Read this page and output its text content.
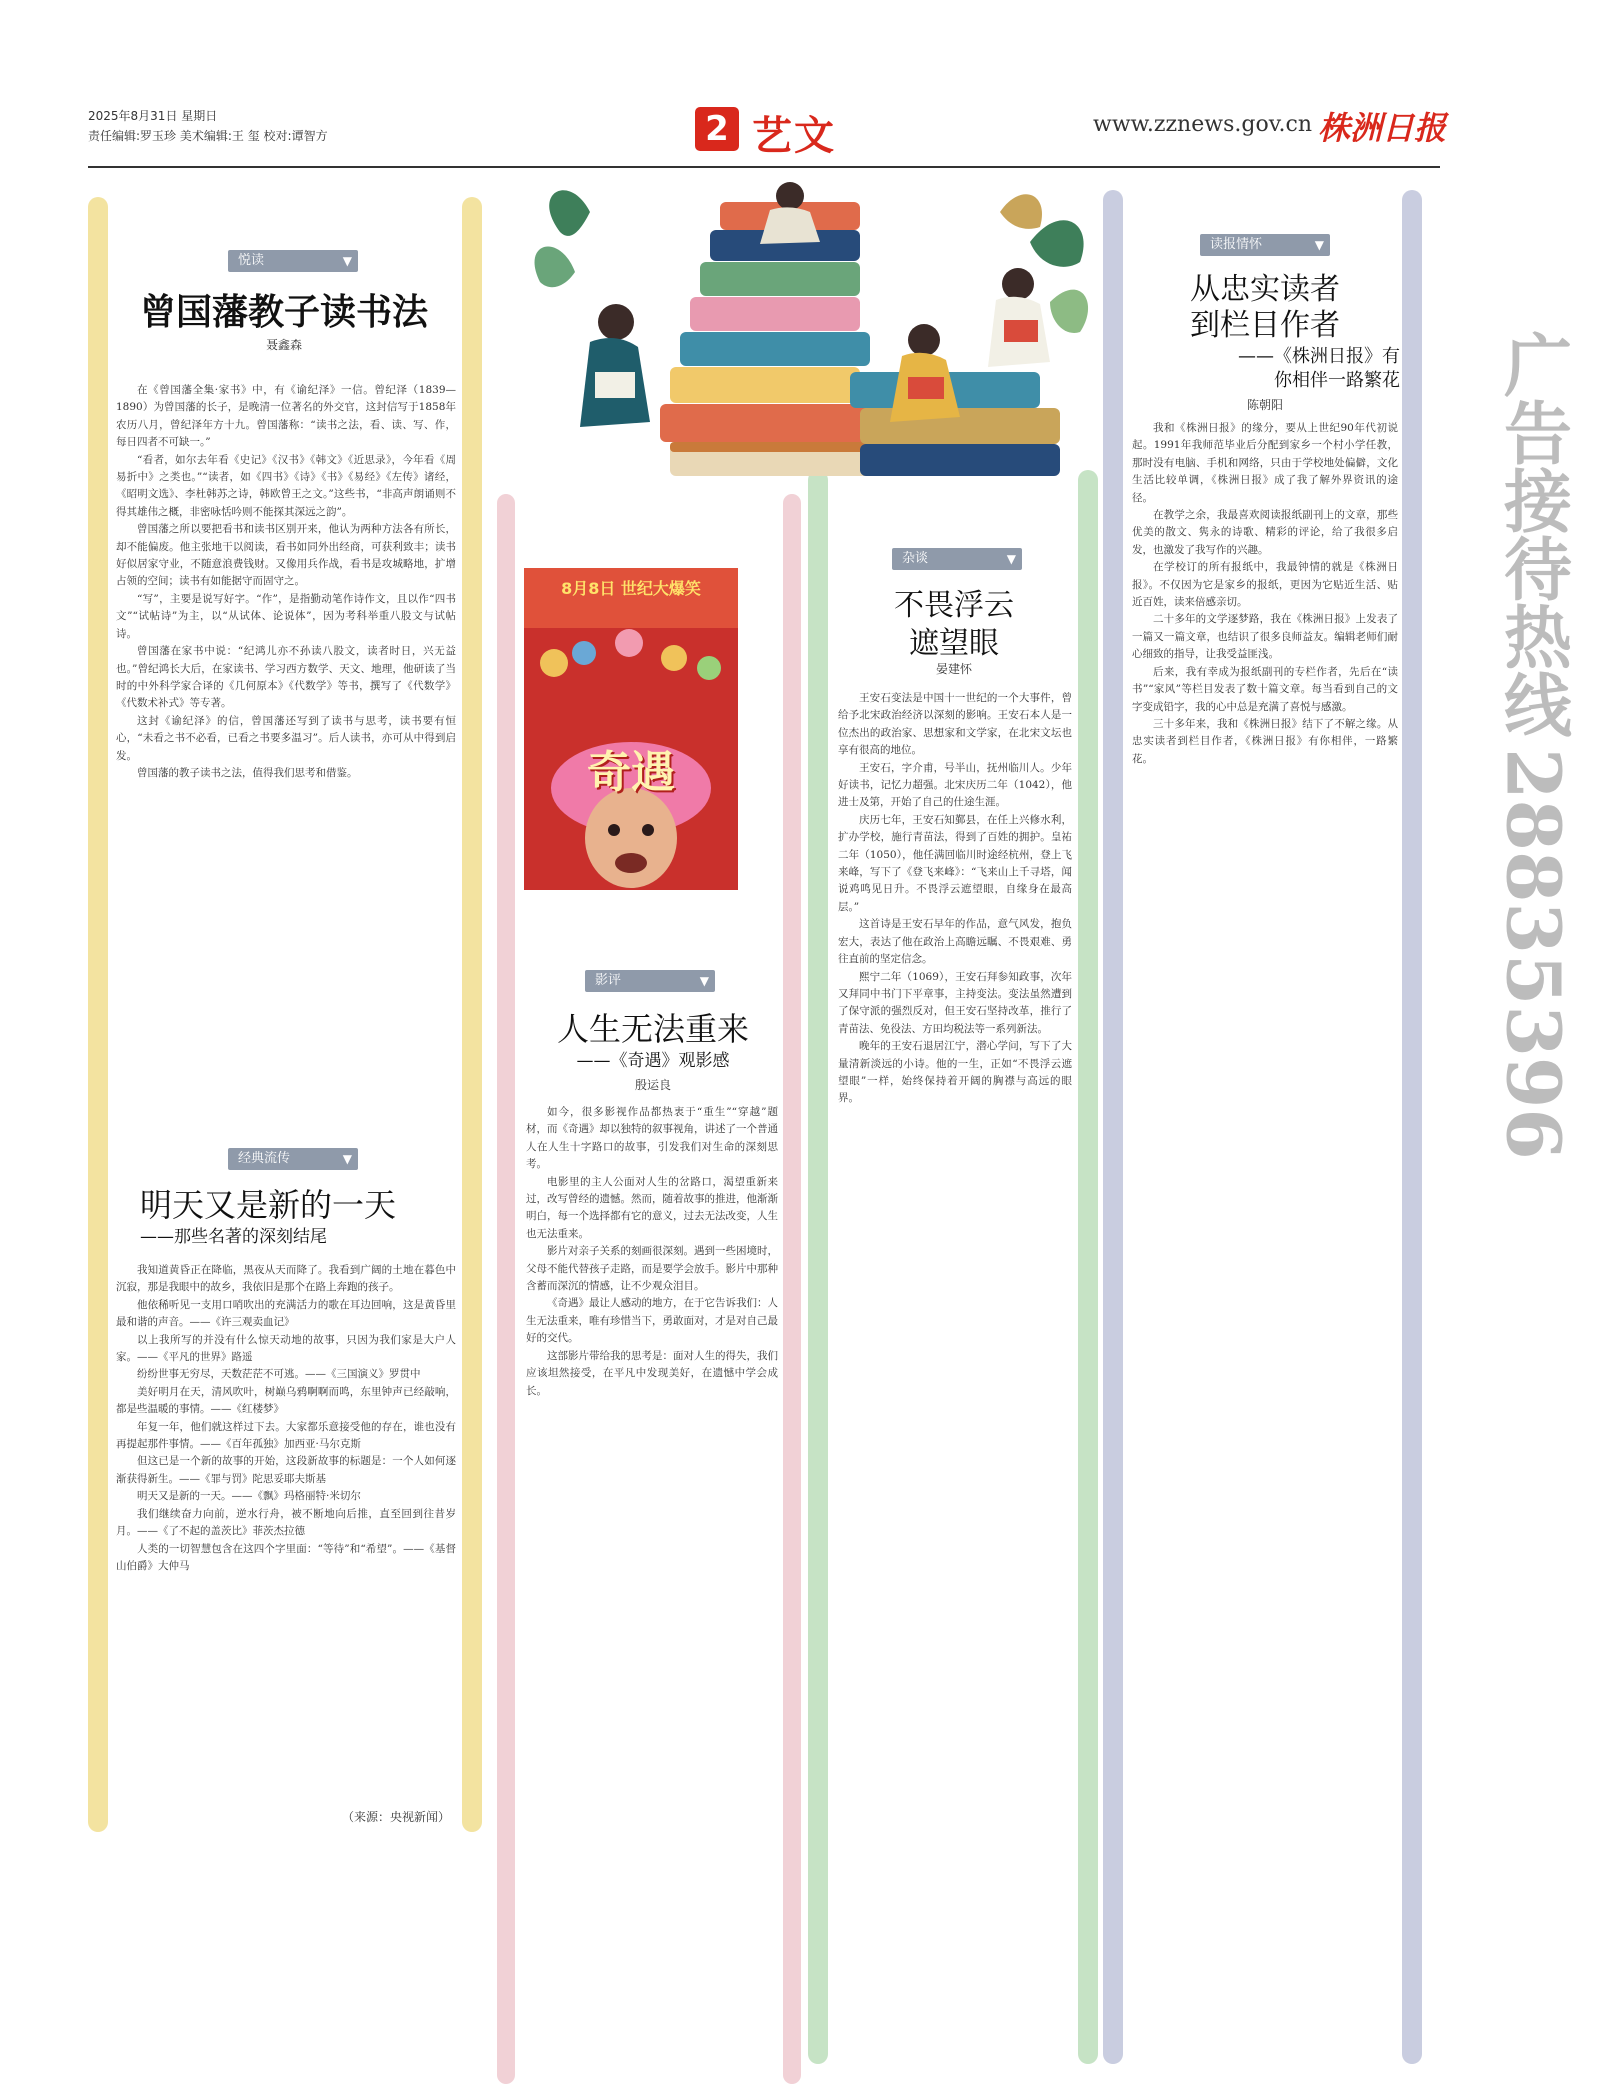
2025年8月31日 星期日
责任编辑:罗玉珍 美术编辑:王 玺 校对:谭智方	2 艺文	www.zznews.gov.cn 株洲日报
悦读 ▼
曾国藩教子读书法
聂鑫森

在《曾国藩全集·家书》中，有《谕纪泽》一信。曾纪泽（1839—1890）为曾国藩的长子，是晚清一位著名的外交官，这封信写于1858年农历八月，曾纪泽年方十九。曾国藩称：“读书之法，看、读、写、作，每日四者不可缺一。”

“看者，如尔去年看《史记》《汉书》《韩文》《近思录》，今年看《周易折中》之类也。”“读者，如《四书》《诗》《书》《易经》《左传》诸经，《昭明文选》、李杜韩苏之诗，韩欧曾王之文。”这些书，“非高声朗诵则不得其雄伟之概，非密咏恬吟则不能探其深远之韵”。

曾国藩之所以要把看书和读书区别开来，他认为两种方法各有所长，却不能偏废。他主张地干以阅读，看书如同外出经商，可获利致丰；读书好似居家守业，不随意浪费钱财。又像用兵作战，看书是攻城略地，扩增占领的空间；读书有如能据守而固守之。

“写”，主要是说写好字。“作”，是指勤动笔作诗作文，且以作“四书文”“试帖诗”为主，以“从试体、论说体”，因为考科举重八股文与试帖诗。

曾国藩在家书中说：“纪鸿儿亦不孙读八股文，读者时日，兴无益也。”曾纪鸿长大后，在家读书、学习西方数学、天文、地理，他研读了当时的中外科学家合译的《几何原本》《代数学》等书，撰写了《代数学》《代数术补式》等专著。

这封《谕纪泽》的信，曾国藩还写到了读书与思考，读书要有恒心，“未看之书不必看，已看之书要多温习”。后人读书，亦可从中得到启发。

曾国藩的教子读书之法，值得我们思考和借鉴。

经典流传 ▼
明天又是新的一天
——那些名著的深刻结尾

我知道黄昏正在降临，黑夜从天而降了。我看到广阔的土地在暮色中沉寂，那是我眼中的故乡，我依旧是那个在路上奔跑的孩子。

他依稀听见一支用口哨吹出的充满活力的歌在耳边回响，这是黄昏里最和谐的声音。——《许三观卖血记》

以上我所写的并没有什么惊天动地的故事，只因为我们家是大户人家。——《平凡的世界》路遥

纷纷世事无穷尽，天数茫茫不可逃。——《三国演义》罗贯中

美好明月在天，清风吹叶，树巅乌鸦啊啊而鸣，东里钟声已经敲响，都是些温暖的事情。——《红楼梦》

年复一年，他们就这样过下去。大家都乐意接受他的存在，谁也没有再提起那件事情。——《百年孤独》加西亚·马尔克斯

但这已是一个新的故事的开始，这段新故事的标题是：一个人如何逐渐获得新生。——《罪与罚》陀思妥耶夫斯基

明天又是新的一天。——《飘》玛格丽特·米切尔

我们继续奋力向前，逆水行舟，被不断地向后推，直至回到往昔岁月。——《了不起的盖茨比》菲茨杰拉德

人类的一切智慧包含在这四个字里面：“等待”和“希望”。——《基督山伯爵》大仲马

（来源：央视新闻）
8月8日 世纪大爆笑
奇遇
影评 ▼
人生无法重来
——《奇遇》观影感
殷运良

如今，很多影视作品都热衷于“重生”“穿越”题材，而《奇遇》却以独特的叙事视角，讲述了一个普通人在人生十字路口的故事，引发我们对生命的深刻思考。

电影里的主人公面对人生的岔路口，渴望重新来过，改写曾经的遗憾。然而，随着故事的推进，他渐渐明白，每一个选择都有它的意义，过去无法改变，人生也无法重来。

影片对亲子关系的刻画很深刻。遇到一些困境时，父母不能代替孩子走路，而是要学会放手。影片中那种含蓄而深沉的情感，让不少观众泪目。

《奇遇》最让人感动的地方，在于它告诉我们：人生无法重来，唯有珍惜当下，勇敢面对，才是对自己最好的交代。

这部影片带给我的思考是：面对人生的得失，我们应该坦然接受，在平凡中发现美好，在遗憾中学会成长。

杂谈 ▼
不畏浮云
遮望眼
晏建怀

王安石变法是中国十一世纪的一个大事件，曾给予北宋政治经济以深刻的影响。王安石本人是一位杰出的政治家、思想家和文学家，在北宋文坛也享有很高的地位。

王安石，字介甫，号半山，抚州临川人。少年好读书，记忆力超强。北宋庆历二年（1042），他进士及第，开始了自己的仕途生涯。

庆历七年，王安石知鄞县，在任上兴修水利，扩办学校，施行青苗法，得到了百姓的拥护。皇祐二年（1050），他任满回临川时途经杭州，登上飞来峰，写下了《登飞来峰》：“飞来山上千寻塔，闻说鸡鸣见日升。不畏浮云遮望眼，自缘身在最高层。”

这首诗是王安石早年的作品，意气风发，抱负宏大，表达了他在政治上高瞻远瞩、不畏艰难、勇往直前的坚定信念。

熙宁二年（1069），王安石拜参知政事，次年又拜同中书门下平章事，主持变法。变法虽然遭到了保守派的强烈反对，但王安石坚持改革，推行了青苗法、免役法、方田均税法等一系列新法。

晚年的王安石退居江宁，潜心学问，写下了大量清新淡远的小诗。他的一生，正如“不畏浮云遮望眼”一样，始终保持着开阔的胸襟与高远的眼界。

读报情怀 ▼
从忠实读者
到栏目作者
——《株洲日报》有
你相伴一路繁花
陈朝阳

我和《株洲日报》的缘分，要从上世纪90年代初说起。1991年我师范毕业后分配到家乡一个村小学任教，那时没有电脑、手机和网络，只由于学校地处偏僻，文化生活比较单调，《株洲日报》成了我了解外界资讯的途径。

在教学之余，我最喜欢阅读报纸副刊上的文章，那些优美的散文、隽永的诗歌、精彩的评论，给了我很多启发，也激发了我写作的兴趣。

在学校订的所有报纸中，我最钟情的就是《株洲日报》。不仅因为它是家乡的报纸，更因为它贴近生活、贴近百姓，读来倍感亲切。

二十多年的文学逐梦路，我在《株洲日报》上发表了一篇又一篇文章，也结识了很多良师益友。编辑老师们耐心细致的指导，让我受益匪浅。

后来，我有幸成为报纸副刊的专栏作者，先后在“读书”“家风”等栏目发表了数十篇文章。每当看到自己的文字变成铅字，我的心中总是充满了喜悦与感激。

三十多年来，我和《株洲日报》结下了不解之缘。从忠实读者到栏目作者，《株洲日报》有你相伴，一路繁花。

广告接待热线
28835396
